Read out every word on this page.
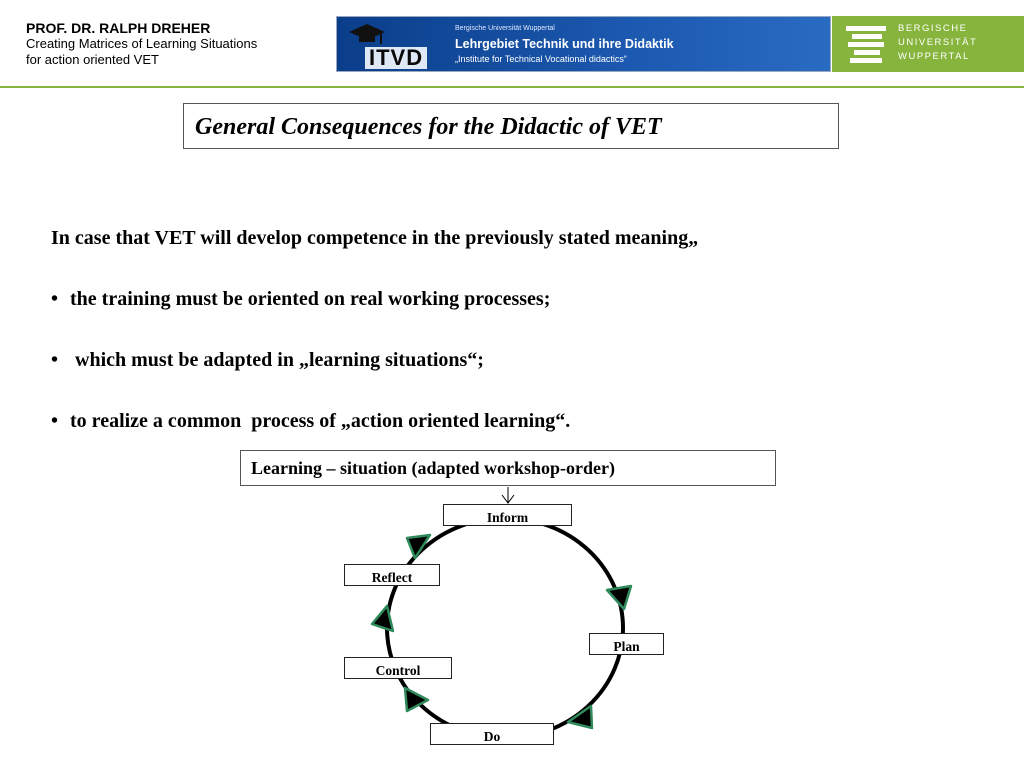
PROF. DR. RALPH DREHER
Creating Matrices of Learning Situations
for action oriented VET	ITVD
Bergische Universität Wuppertal
Lehrgebiet Technik und ihre Didaktik
„Institute for Technical Vocational didactics“
BERGISCHE
UNIVERSITÄT
WUPPERTAL
General Consequences for the Didactic of VET
In case that VET will develop competence in the previously stated meaning„
• the training must be oriented on real working processes;
• which must be adapted in „learning situations“;
• to realize a common  process of „action oriented learning“.
Learning – situation (adapted workshop-order)
Inform
Plan
Do
Control
Reflect
